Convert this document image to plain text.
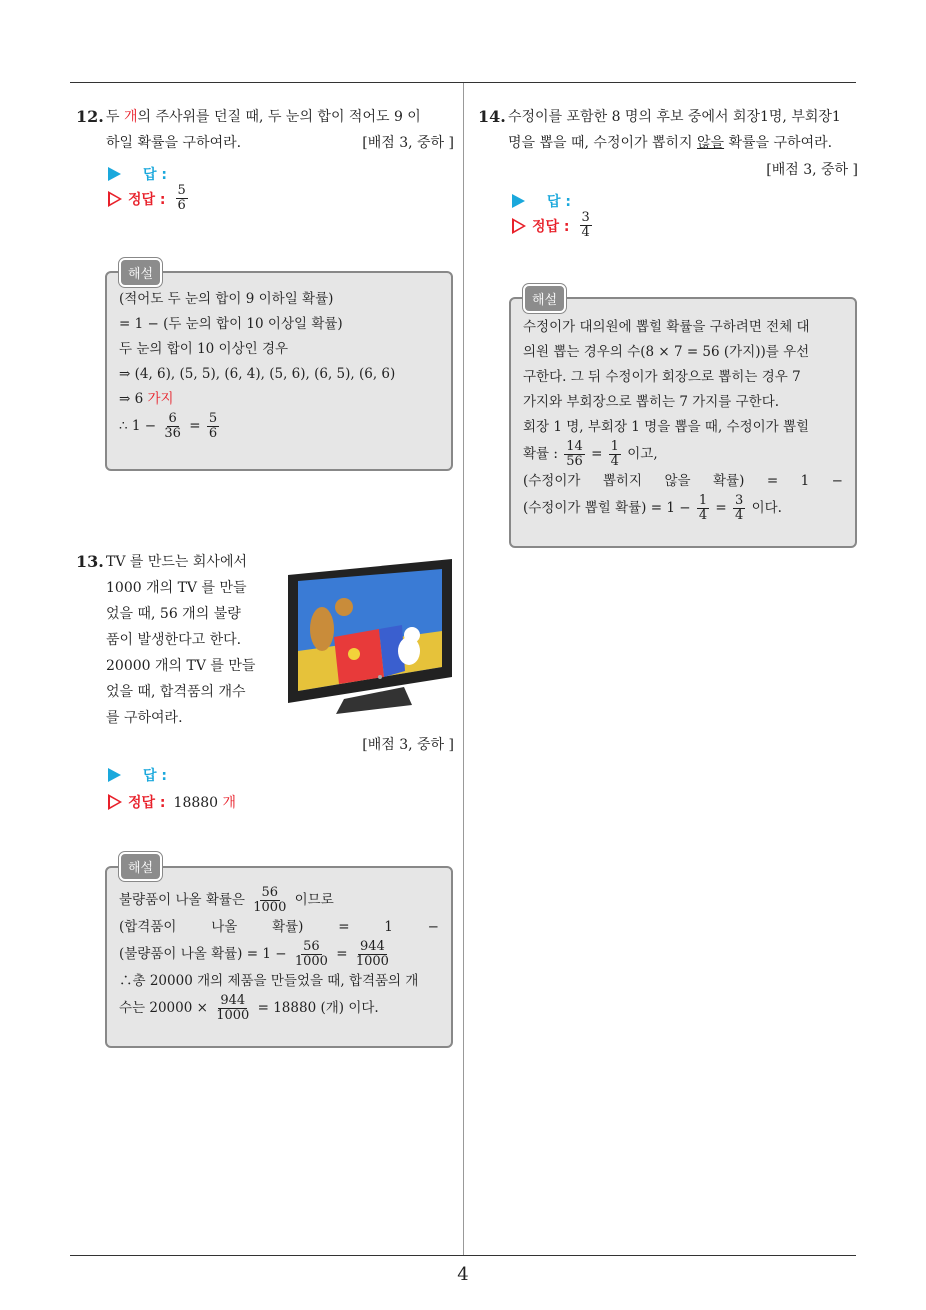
4
12. 두 개의 주사위를 던질 때, 두 눈의 합이 적어도 9 이
하일 확률을 구하여라.	[배점 3, 중하 ]
답 :
정답 : $\frac{5}{6}$
(적어도 두 눈의 합이 9 이하일 확률)
= 1 − (두 눈의 합이 10 이상일 확률)
두 눈의 합이 10 이상인 경우
⇒ (4, 6), (5, 5), (6, 4), (5, 6), (6, 5), (6, 6)
⇒ 6 가지
∴ $1 - \frac{6}{36} = \frac{5}{6}$
해설
13. TV 를 만드는 회사에서
1000 개의 TV 를 만들
었을 때, 56 개의 불량
품이 발생한다고 한다.
20000 개의 TV 를 만들
었을 때, 합격품의 개수
를 구하여라.
[배점 3, 중하 ]
답 :
정답 : 18880 개
불량품이 나올 확률은 $\frac{56}{1000}$ 이므로
(합격품이	나올	확률)	=	1	−
(불량품이 나올 확률) = $1 - \frac{56}{1000} = \frac{944}{1000}$
∴총 20000 개의 제품을 만들었을 때, 합격품의 개
수는 $20000 \times \frac{944}{1000} = 18880$ (개) 이다.
해설
14. 수정이를 포함한 8 명의 후보 중에서 회장1명, 부회장1
명을 뽑을 때, 수정이가 뽑히지 않을 확률을 구하여라.
[배점 3, 중하 ]
답 :
정답 : $\frac{3}{4}$
수정이가 대의원에 뽑힐 확률을 구하려면 전체 대
의원 뽑는 경우의 수(8 × 7 = 56 (가지))를 우선
구한다. 그 뒤 수정이가 회장으로 뽑히는 경우 7
가지와 부회장으로 뽑히는 7 가지를 구한다.
회장 1 명, 부회장 1 명을 뽑을 때, 수정이가 뽑힐
확률 : $\frac{14}{56} = \frac{1}{4}$ 이고,
(수정이가 뽑히지 않을 확률) = 1 −
(수정이가 뽑힐 확률) = $1 - \frac{1}{4} = \frac{3}{4}$ 이다.
해설
